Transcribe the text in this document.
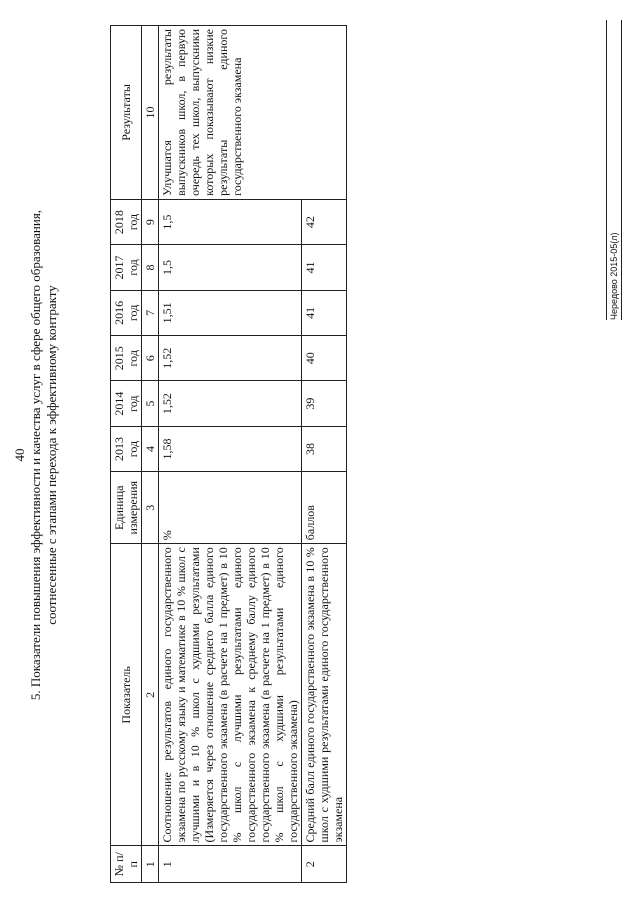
40 5. Показатели повышения эффективности и качества услуг в сфере общего образования, соотнесенные с этапами перехода к эффективному контракту
№ п/п	Показатель	Единица измерения	2013 год	2014 год	2015 год	2016 год	2017 год	2018 год	Результаты
1	2	3	4	5	6	7	8	9	10
1	Соотношение результатов единого государственного экзамена по русскому языку и математике в 10 % школ с лучшими и в 10 % школ с худшими результатами (Измеряется через отношение среднего балла единого государственного экзамена (в расчете на 1 предмет) в 10 % школ с лучшими результатами единого государственного экзамена к среднему баллу единого государственного экзамена (в расчете на 1 предмет) в 10 % школ с худшими результатами единого государственного экзамена)	%	1,58	1,52	1,52	1,51	1,5	1,5	Улучшатся результаты выпускников школ, в первую очередь тех школ, выпускники которых показывают низкие результаты единого государственного экзамена
2	Средний балл единого государственного экзамена в 10 % школ с худшими результатами единого государственного экзамена	баллов	38	39	40	41	41	42	
Чередово 2015-05(л)
